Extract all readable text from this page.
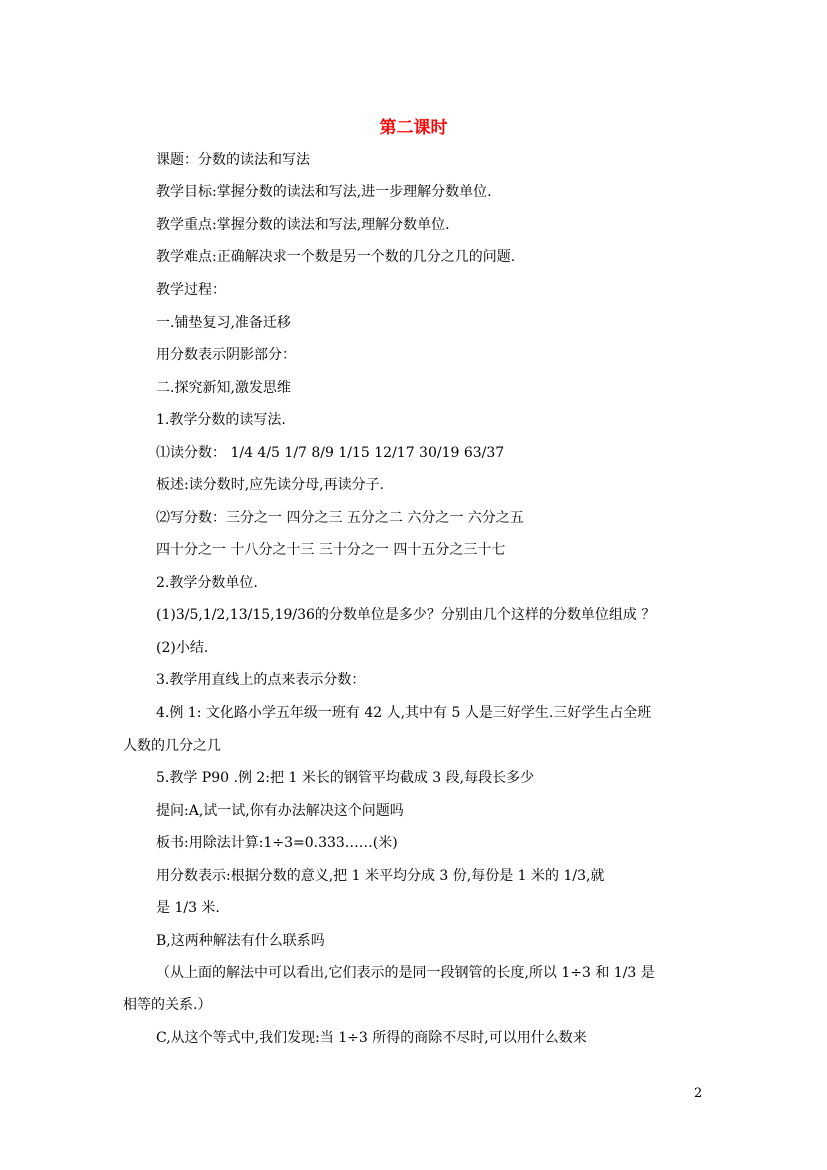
第二课时
课题：分数的读法和写法
教学目标:掌握分数的读法和写法,进一步理解分数单位.
教学重点:掌握分数的读法和写法,理解分数单位.
教学难点:正确解决求一个数是另一个数的几分之几的问题.
教学过程：
一.铺垫复习,准备迁移
用分数表示阴影部分：
二.探究新知,激发思维
1.教学分数的读写法.
⑴读分数： 1/4 4/5 1/7 8/9 1/15 12/17 30/19 63/37
板述:读分数时,应先读分母,再读分子.
⑵写分数：三分之一 四分之三 五分之二 六分之一 六分之五
四十分之一 十八分之十三 三十分之一 四十五分之三十七
2.教学分数单位.
(1)3/5,1/2,13/15,19/36的分数单位是多少？分别由几个这样的分数单位组成 ？
(2)小结.
3.教学用直线上的点来表示分数：
4.例 1: 文化路小学五年级一班有 42 人,其中有 5 人是三好学生.三好学生占全班
人数的几分之几
5.教学 P90 .例 2:把 1 米长的钢管平均截成 3 段,每段长多少
提问:A,试一试,你有办法解决这个问题吗
板书:用除法计算:1÷3=0.333……(米)
用分数表示:根据分数的意义,把 1 米平均分成 3 份,每份是 1 米的 1/3,就
是 1/3 米.
B,这两种解法有什么联系吗
（从上面的解法中可以看出,它们表示的是同一段钢管的长度,所以 1÷3 和 1/3 是
相等的关系.）
C,从这个等式中,我们发现:当 1÷3 所得的商除不尽时,可以用什么数来
2
